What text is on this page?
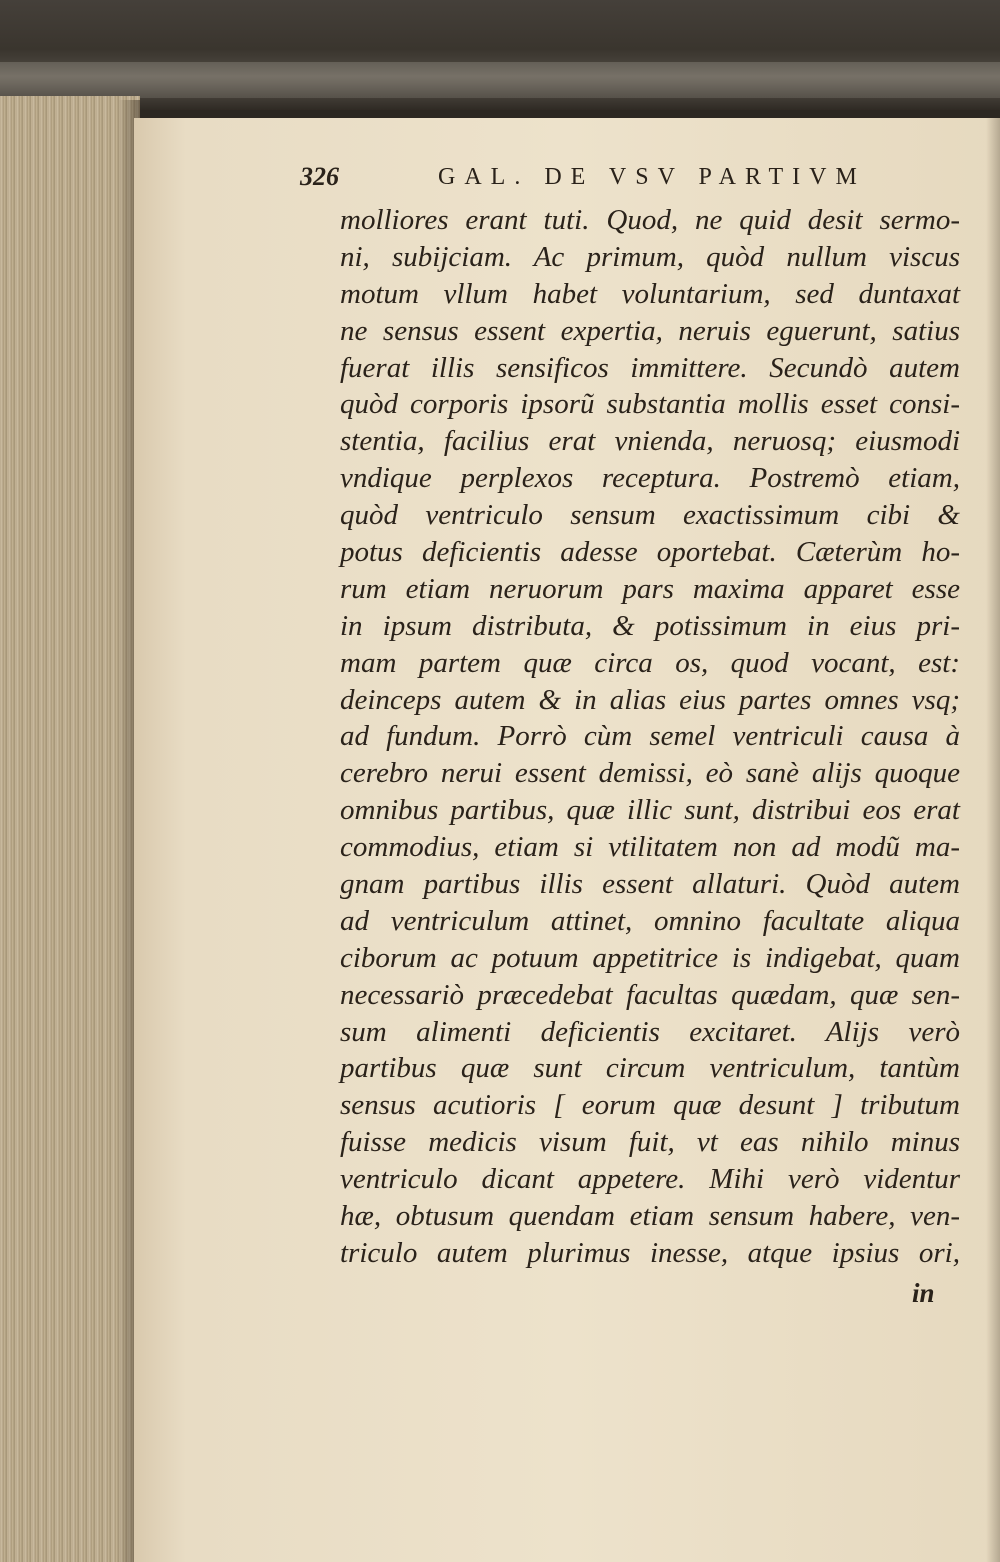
326	GAL. DE VSV PARTIVM
molliores erant tuti. Quod, ne quid desit sermo-
ni, subijciam. Ac primum, quòd nullum viscus
motum vllum habet voluntarium, sed duntaxat
ne sensus essent expertia, neruis eguerunt, satius
fuerat illis sensificos immittere. Secundò autem
quòd corporis ipsorũ substantia mollis esset consi-
stentia, facilius erat vnienda, neruosq; eiusmodi
vndique perplexos receptura. Postremò etiam,
quòd ventriculo sensum exactissimum cibi &
potus deficientis adesse oportebat. Cæterùm ho-
rum etiam neruorum pars maxima apparet esse
in ipsum distributa, & potissimum in eius pri-
mam partem quæ circa os, quod vocant, est:
deinceps autem & in alias eius partes omnes vsq;
ad fundum. Porrò cùm semel ventriculi causa à
cerebro nerui essent demissi, eò sanè alijs quoque
omnibus partibus, quæ illic sunt, distribui eos erat
commodius, etiam si vtilitatem non ad modũ ma-
gnam partibus illis essent allaturi. Quòd autem
ad ventriculum attinet, omnino facultate aliqua
ciborum ac potuum appetitrice is indigebat, quam
necessariò præcedebat facultas quædam, quæ sen-
sum alimenti deficientis excitaret. Alijs verò
partibus quæ sunt circum ventriculum, tantùm
sensus acutioris [ eorum quæ desunt ] tributum
fuisse medicis visum fuit, vt eas nihilo minus
ventriculo dicant appetere. Mihi verò videntur
hæ, obtusum quendam etiam sensum habere, ven-
triculo autem plurimus inesse, atque ipsius ori,
in
